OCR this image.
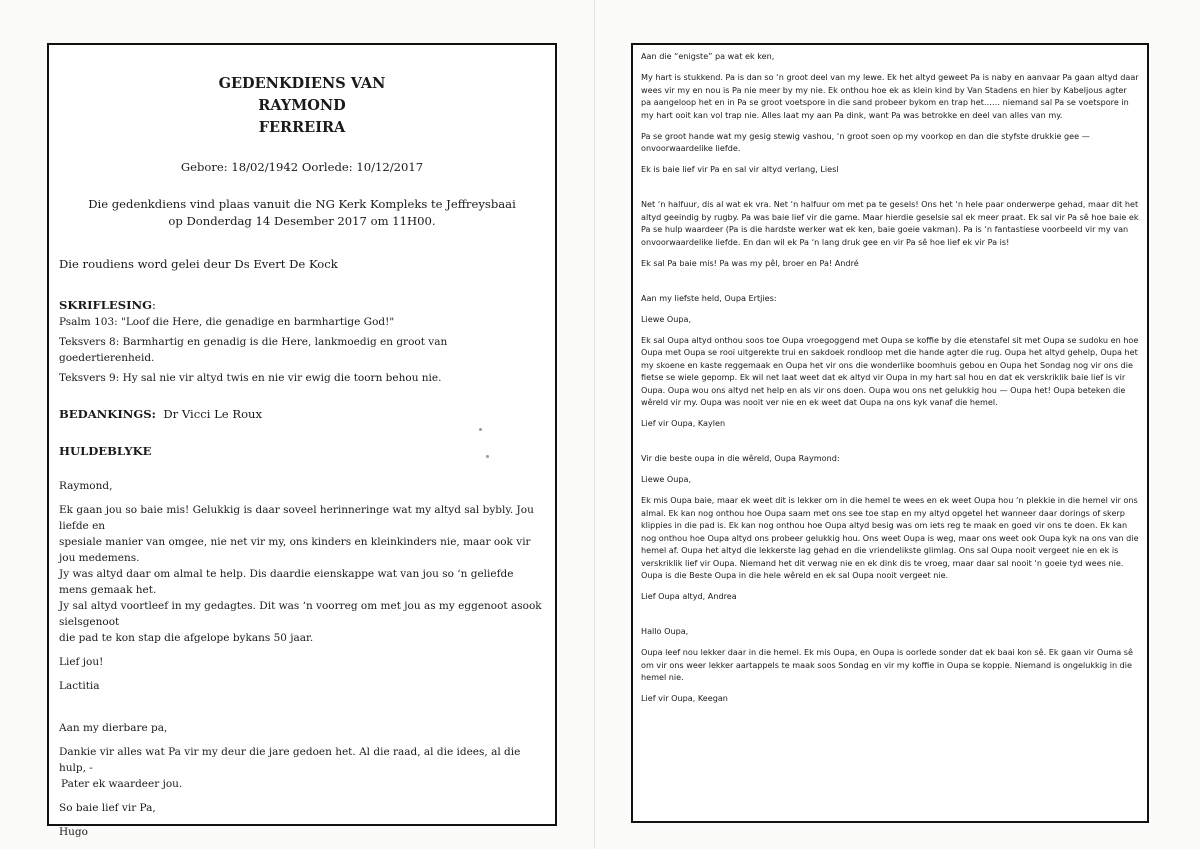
GEDENKDIENS VAN

RAYMOND

FERREIRA

Gebore: 18/02/1942 Oorlede: 10/12/2017

Die gedenkdiens vind plaas vanuit die NG Kerk Kompleks te Jeffreysbaai

op Donderdag 14 Desember 2017 om 11H00.

Die roudiens word gelei deur Ds Evert De Kock

SKRIFLESING:

Psalm 103: "Loof die Here, die genadige en barmhartige God!"

Teksvers 8: Barmhartig en genadig is die Here, lankmoedig en groot van goedertierenheid.

Teksvers 9: Hy sal nie vir altyd twis en nie vir ewig die toorn behou nie.

BEDANKINGS: Dr Vicci Le Roux

HULDEBLYKE

Raymond,

Ek gaan jou so baie mis! Gelukkig is daar soveel herinneringe wat my altyd sal bybly. Jou liefde en

spesiale manier van omgee, nie net vir my, ons kinders en kleinkinders nie, maar ook vir jou medemens.

Jy was altyd daar om almal te help. Dis daardie eienskappe wat van jou so ‘n geliefde mens gemaak het.

Jy sal altyd voortleef in my gedagtes. Dit was ‘n voorreg om met jou as my eggenoot asook sielsgenoot

die pad te kon stap die afgelope bykans 50 jaar.

Lief jou!

Lactitia

Aan my dierbare pa,

Dankie vir alles wat Pa vir my deur die jare gedoen het. Al die raad, al die idees, al die hulp, -

Pater ek waardeer jou.

So baie lief vir Pa,

Hugo

Aan die “enigste” pa wat ek ken,

My hart is stukkend. Pa is dan so ‘n groot deel van my lewe. Ek het altyd geweet Pa is naby en aanvaar Pa gaan altyd daar wees vir my en nou is Pa nie meer by my nie. Ek onthou hoe ek as klein kind by Van Stadens en hier by Kabeljous agter pa aangeloop het en in Pa se groot voetspore in die sand probeer bykom en trap het…… niemand sal Pa se voetspore in my hart ooit kan vol trap nie. Alles laat my aan Pa dink, want Pa was betrokke en deel van alles van my.

Pa se groot hande wat my gesig stewig vashou, ‘n groot soen op my voorkop en dan die styfste drukkie gee — onvoorwaardelike liefde.

Ek is baie lief vir Pa en sal vir altyd verlang, Liesl

Net ‘n halfuur, dis al wat ek vra. Net ‘n halfuur om met pa te gesels! Ons het ‘n hele paar onderwerpe gehad, maar dit het altyd geeindig by rugby. Pa was baie lief vir die game. Maar hierdie geselsie sal ek meer praat. Ek sal vir Pa sê hoe baie ek Pa se hulp waardeer (Pa is die hardste werker wat ek ken, baie goeie vakman). Pa is ‘n fantastiese voorbeeld vir my van onvoorwaardelike liefde. En dan wil ek Pa ‘n lang druk gee en vir Pa sê hoe lief ek vir Pa is!

Ek sal Pa baie mis! Pa was my pêl, broer en Pa! André

Aan my liefste held, Oupa Ertjies:

Liewe Oupa,

Ek sal Oupa altyd onthou soos toe Oupa vroegoggend met Oupa se koffie by die etenstafel sit met Oupa se sudoku en hoe Oupa met Oupa se rooi uitgerekte trui en sakdoek rondloop met die hande agter die rug. Oupa het altyd gehelp, Oupa het my skoene en kaste reggemaak en Oupa het vir ons die wonderlike boomhuis gebou en Oupa het Sondag nog vir ons die fietse se wiele gepomp. Ek wil net laat weet dat ek altyd vir Oupa in my hart sal hou en dat ek verskriklik baie lief is vir Oupa. Oupa wou ons altyd net help en als vir ons doen. Oupa wou ons net gelukkig hou — Oupa het! Oupa beteken die wêreld vir my. Oupa was nooit ver nie en ek weet dat Oupa na ons kyk vanaf die hemel.

Lief vir Oupa, Kaylen

Vir die beste oupa in die wêreld, Oupa Raymond:

Liewe Oupa,

Ek mis Oupa baie, maar ek weet dit is lekker om in die hemel te wees en ek weet Oupa hou ‘n plekkie in die hemel vir ons almal. Ek kan nog onthou hoe Oupa saam met ons see toe stap en my altyd opgetel het wanneer daar dorings of skerp klippies in die pad is. Ek kan nog onthou hoe Oupa altyd besig was om iets reg te maak en goed vir ons te doen. Ek kan nog onthou hoe Oupa altyd ons probeer gelukkig hou. Ons weet Oupa is weg, maar ons weet ook Oupa kyk na ons van die hemel af. Oupa het altyd die lekkerste lag gehad en die vriendelikste glimlag. Ons sal Oupa nooit vergeet nie en ek is verskriklik lief vir Oupa. Niemand het dit verwag nie en ek dink dis te vroeg, maar daar sal nooit ‘n goeie tyd wees nie. Oupa is die Beste Oupa in die hele wêreld en ek sal Oupa nooit vergeet nie.

Lief Oupa altyd, Andrea

Hallo Oupa,

Oupa leef nou lekker daar in die hemel. Ek mis Oupa, en Oupa is oorlede sonder dat ek baai kon sê. Ek gaan vir Ouma sê om vir ons weer lekker aartappels te maak soos Sondag en vir my koffie in Oupa se koppie. Niemand is ongelukkig in die hemel nie.

Lief vir Oupa, Keegan
